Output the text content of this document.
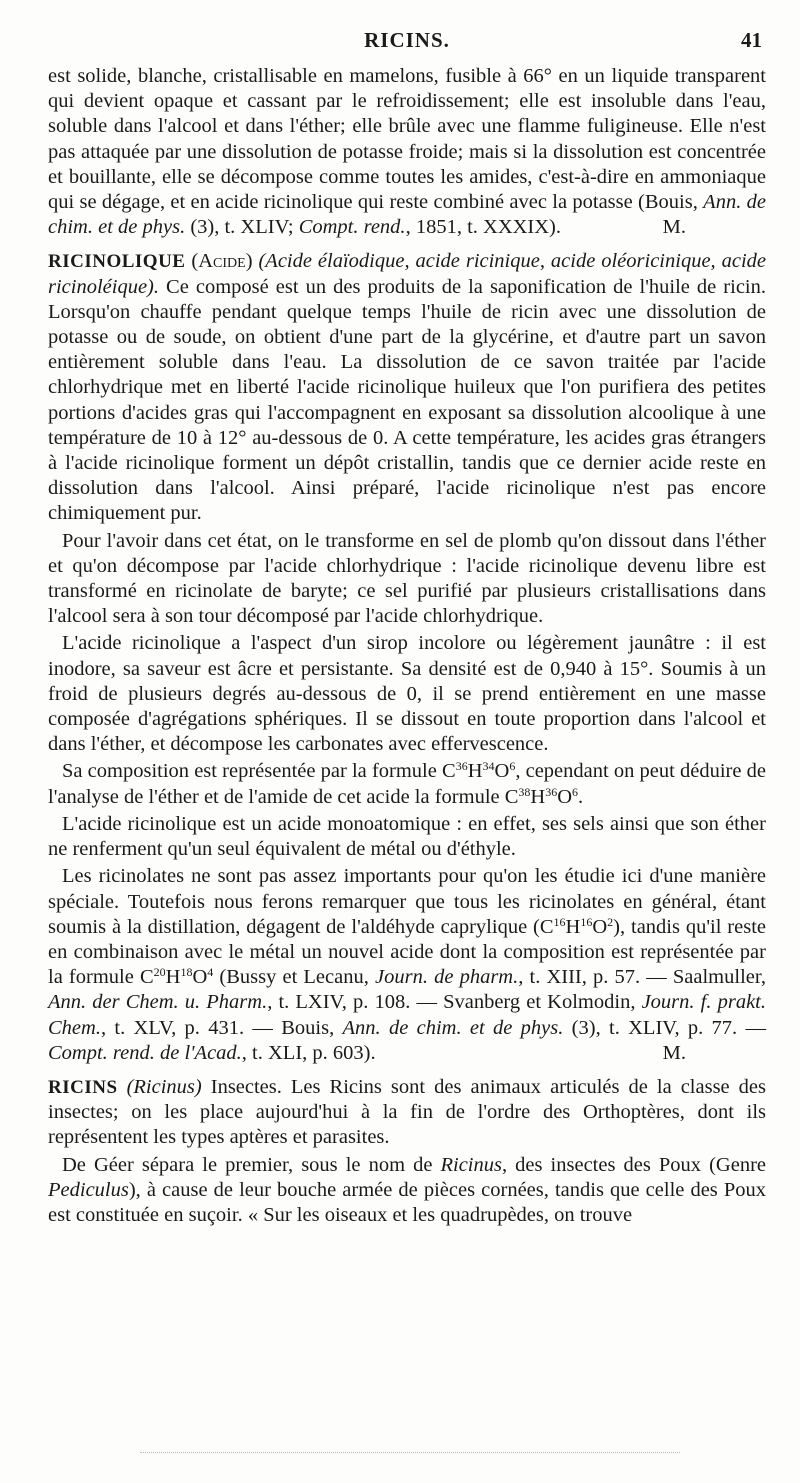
RICINS.	41

est solide, blanche, cristallisable en mamelons, fusible à 66° en un liquide transparent qui devient opaque et cassant par le refroidissement; elle est insoluble dans l'eau, soluble dans l'alcool et dans l'éther; elle brûle avec une flamme fuligineuse. Elle n'est pas attaquée par une dissolution de potasse froide; mais si la dissolution est concentrée et bouillante, elle se décompose comme toutes les amides, c'est-à-dire en ammoniaque qui se dégage, et en acide ricinolique qui reste combiné avec la potasse (Bouis, Ann. de chim. et de phys. (3), t. XLIV; Compt. rend., 1851, t. XXXIX).	M.

RICINOLIQUE (Acide) (Acide élaïodique, acide ricinique, acide oléoricinique, acide ricinoléique). Ce composé est un des produits de la saponification de l'huile de ricin. Lorsqu'on chauffe pendant quelque temps l'huile de ricin avec une dissolution de potasse ou de soude, on obtient d'une part de la glycérine, et d'autre part un savon entièrement soluble dans l'eau. La dissolution de ce savon traitée par l'acide chlorhydrique met en liberté l'acide ricinolique huileux que l'on purifiera des petites portions d'acides gras qui l'accompagnent en exposant sa dissolution alcoolique à une température de 10 à 12° au-dessous de 0. A cette température, les acides gras étrangers à l'acide ricinolique forment un dépôt cristallin, tandis que ce dernier acide reste en dissolution dans l'alcool. Ainsi préparé, l'acide ricinolique n'est pas encore chimiquement pur.

Pour l'avoir dans cet état, on le transforme en sel de plomb qu'on dissout dans l'éther et qu'on décompose par l'acide chlorhydrique : l'acide ricinolique devenu libre est transformé en ricinolate de baryte; ce sel purifié par plusieurs cristallisations dans l'alcool sera à son tour décomposé par l'acide chlorhydrique.

L'acide ricinolique a l'aspect d'un sirop incolore ou légèrement jaunâtre : il est inodore, sa saveur est âcre et persistante. Sa densité est de 0,940 à 15°. Soumis à un froid de plusieurs degrés au-dessous de 0, il se prend entièrement en une masse composée d'agrégations sphériques. Il se dissout en toute proportion dans l'alcool et dans l'éther, et décompose les carbonates avec effervescence.

Sa composition est représentée par la formule $C^{36}H^{34}O^6$, cependant on peut déduire de l'analyse de l'éther et de l'amide de cet acide la formule $C^{38}H^{36}O^6$.

L'acide ricinolique est un acide monoatomique : en effet, ses sels ainsi que son éther ne renferment qu'un seul équivalent de métal ou d'éthyle.

Les ricinolates ne sont pas assez importants pour qu'on les étudie ici d'une manière spéciale. Toutefois nous ferons remarquer que tous les ricinolates en général, étant soumis à la distillation, dégagent de l'aldéhyde caprylique $(C^{16}H^{16}O^2)$, tandis qu'il reste en combinaison avec le métal un nouvel acide dont la composition est représentée par la formule $C^{20}H^{18}O^4$ (Bussy et Lecanu, Journ. de pharm., t. XIII, p. 57. — Saalmuller, Ann. der Chem. u. Pharm., t. LXIV, p. 108. — Svanberg et Kolmodin, Journ. f. prakt. Chem., t. XLV, p. 431. — Bouis, Ann. de chim. et de phys. (3), t. XLIV, p. 77. — Compt. rend. de l'Acad., t. XLI, p. 603).	M.

RICINS (Ricinus) Insectes. Les Ricins sont des animaux articulés de la classe des insectes; on les place aujourd'hui à la fin de l'ordre des Orthoptères, dont ils représentent les types aptères et parasites.

De Géer sépara le premier, sous le nom de Ricinus, des insectes des Poux (Genre Pediculus), à cause de leur bouche armée de pièces cornées, tandis que celle des Poux est constituée en suçoir. « Sur les oiseaux et les quadrupèdes, on trouve
